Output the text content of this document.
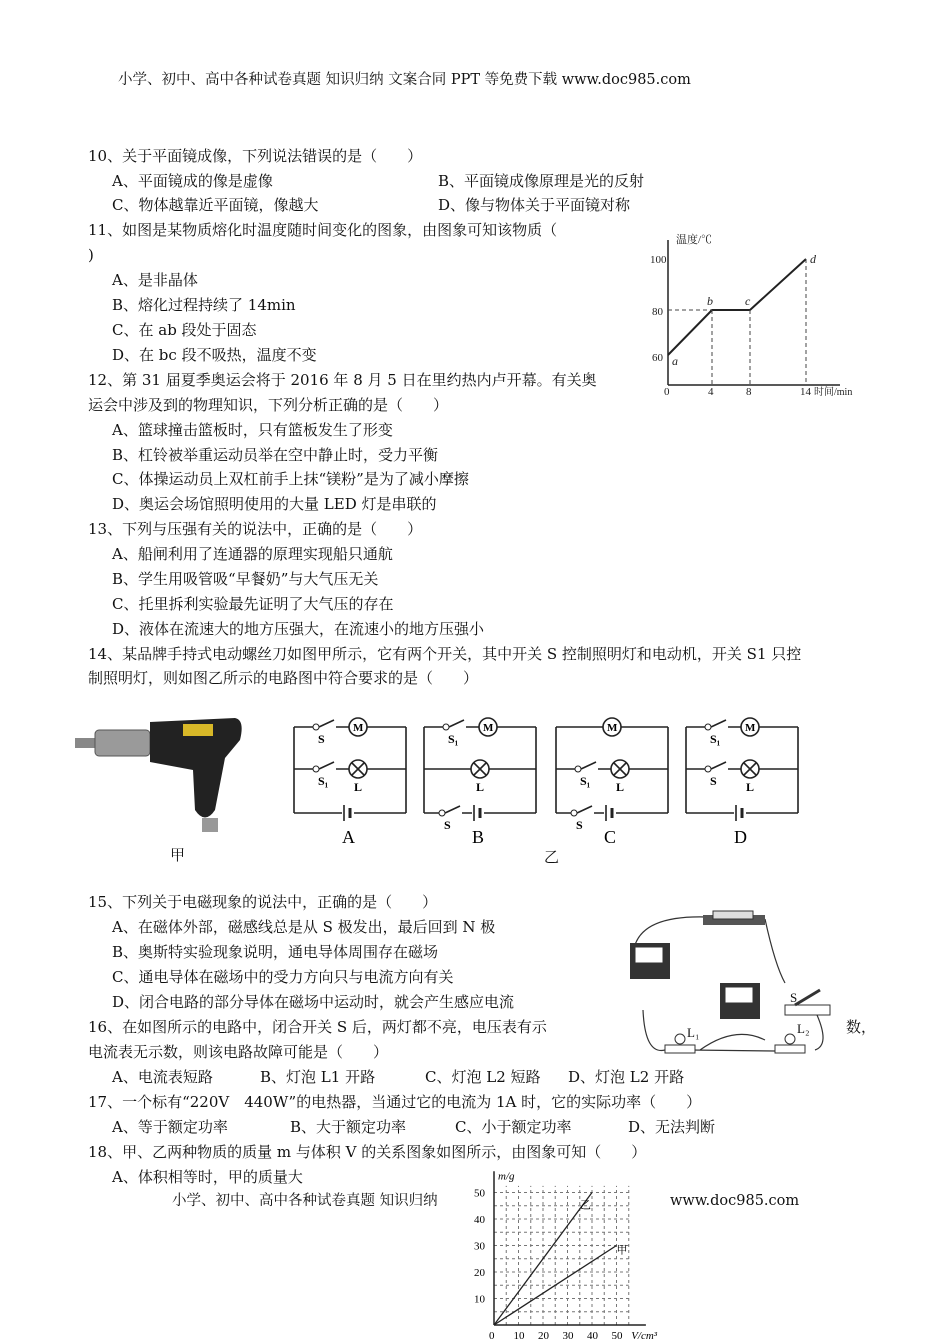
小学、初中、高中各种试卷真题 知识归纳 文案合同 PPT 等免费下载 www.doc985.com
10、关于平面镜成像，下列说法错误的是（　　）
A、平面镜成的像是虚像	B、平面镜成像原理是光的反射
C、物体越靠近平面镜，像越大	D、像与物体关于平面镜对称
11、如图是某物质熔化时温度随时间变化的图象，由图象可知该物质（
)
A、是非晶体
B、熔化过程持续了 14min
C、在 ab 段处于固态
D、在 bc 段不吸热，温度不变
温度/℃
100
80
60
0	4	8	14 时间/min
a
b	c
d
12、第 31 届夏季奥运会将于 2016 年 8 月 5 日在里约热内卢开幕。有关奥
运会中涉及到的物理知识，下列分析正确的是（　　）
A、篮球撞击篮板时，只有篮板发生了形变
B、杠铃被举重运动员举在空中静止时，受力平衡
C、体操运动员上双杠前手上抹“镁粉”是为了减小摩擦
D、奥运会场馆照明使用的大量 LED 灯是串联的
13、下列与压强有关的说法中，正确的是（　　）
A、船闸利用了连通器的原理实现船只通航
B、学生用吸管吸“早餐奶”与大气压无关
C、托里拆利实验最先证明了大气压的存在
D、液体在流速大的地方压强大，在流速小的地方压强小
14、某品牌手持式电动螺丝刀如图甲所示，它有两个开关，其中开关 S 控制照明灯和电动机，开关 S1 只控
制照明灯，则如图乙所示的电路图中符合要求的是（　　）
甲
S
M
S₁ L
A
S₁
M
L
S
B
M
S₁ L
S
C
S₁
M
S L
D
乙
15、下列关于电磁现象的说法中，正确的是（　　）
A、在磁体外部，磁感线总是从 S 极发出，最后回到 N 极
B、奥斯特实验现象说明，通电导体周围存在磁场
C、通电导体在磁场中的受力方向只与电流方向有关
D、闭合电路的部分导体在磁场中运动时，就会产生感应电流	S
L₁	L₂
16、在如图所示的电路中，闭合开关 S 后，两灯都不亮，电压表有示	数，
电流表无示数，则该电路故障可能是（　　）
A、电流表短路	B、灯泡 L1 开路	C、灯泡 L2 短路 D、灯泡 L2 开路
17、一个标有“220V　440W”的电热器，当通过它的电流为 1A 时，它的实际功率（　　）
A、等于额定功率	B、大于额定功率	C、小于额定功率	D、无法判断
18、甲、乙两种物质的质量 m 与体积 V 的关系图象如图所示，由图象可知（　　）
A、体积相等时，甲的质量大
小学、初中、高中各种试卷真题 知识归纳	www.doc985.com
乙
甲
50
40
30
20
10
0 10 20 30 40 50
m/g
V/cm³
